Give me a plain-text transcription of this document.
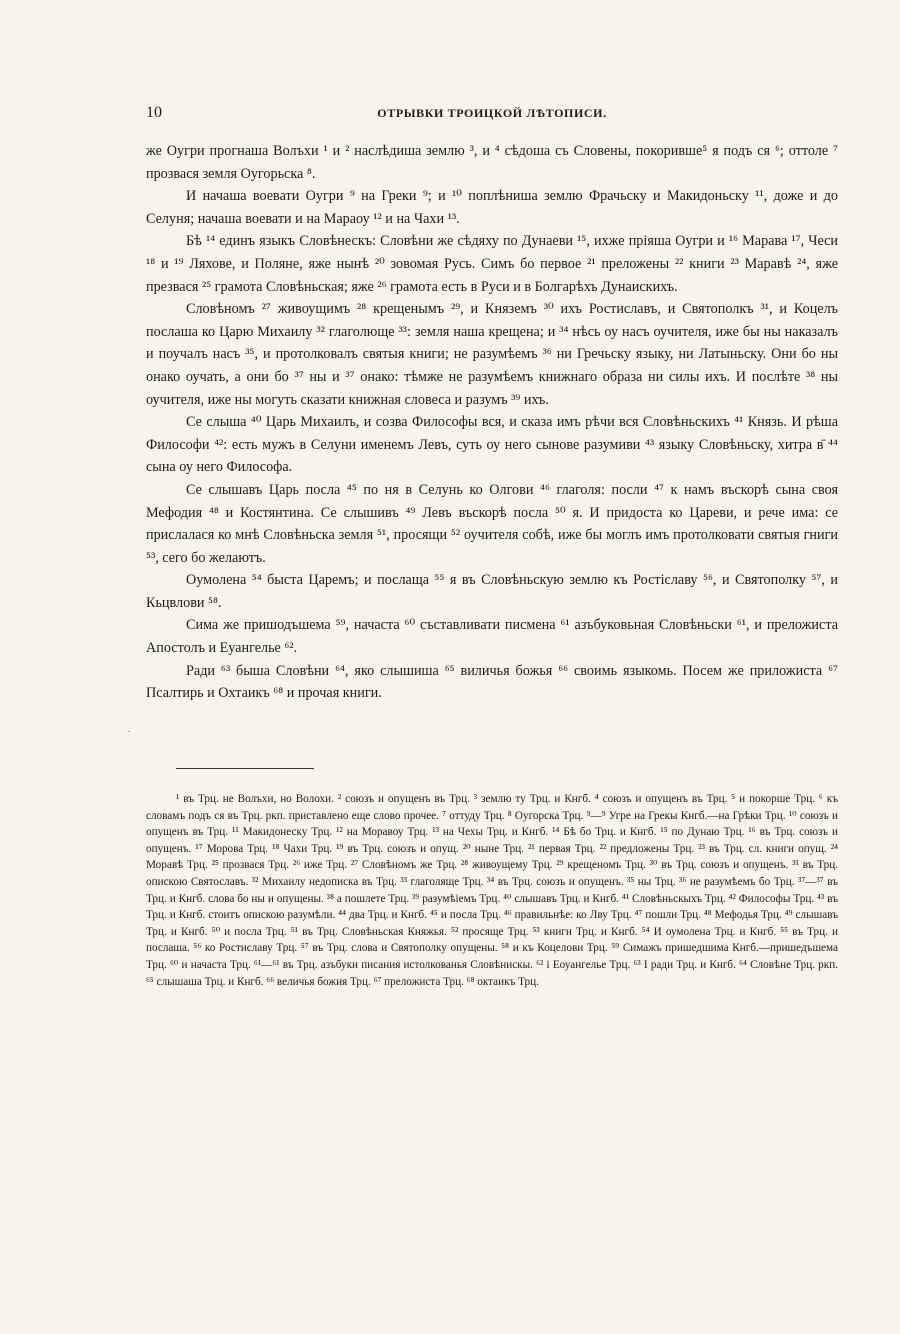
10	ОТРЫВКИ ТРОИЦКОЙ ЛѢТОПИСИ.

же Оугри прогнаша Волъхи ¹ и ² наслѣдиша землю ³, и ⁴ сѣдоша съ Словены, покоривше⁵ я подъ ся ⁶; оттоле ⁷ прозвася земля Оугорьска ⁸.

И начаша воевати Оугри ⁹ на Греки ⁹; и ¹⁰ поплѣниша землю Фрачьску и Макидоньску ¹¹, доже и до Селуня; начаша воевати и на Мараоу ¹² и на Чахи ¹³.

Бѣ ¹⁴ единъ языкъ Словѣнескъ: Словѣни же сѣдяху по Дунаеви ¹⁵, ихже пріяша Оугри и ¹⁶ Марава ¹⁷, Чеси ¹⁸ и ¹⁹ Ляхове, и Поляне, яже нынѣ ²⁰ зовомая Русь. Симъ бо первое ²¹ преложены ²² книги ²³ Маравѣ ²⁴, яже презвася ²⁵ грамота Словѣньская; яже ²⁶ грамота есть в Руси и в Болгарѣхъ Дунаискихъ.

Словѣномъ ²⁷ живоущимъ ²⁸ крещенымъ ²⁹, и Княземъ ³⁰ ихъ Ростиславъ, и Святополкъ ³¹, и Коцелъ послаша ко Царю Михаилу ³² глаголюще ³³: земля наша крещена; и ³⁴ нѣсь оу насъ оучителя, иже бы ны наказалъ и поучалъ насъ ³⁵, и протолковалъ святыя книги; не разумѣемъ ³⁶ ни Гречьску языку, ни Латыньску. Они бо ны онако оучать, а они бо ³⁷ ны и ³⁷ онако: тѣмже не разумѣемъ книжнаго образа ни силы ихъ. И послѣте ³⁸ ны оучителя, иже ны могуть сказати книжная словеса и разумъ ³⁹ ихъ.

Се слыша ⁴⁰ Царь Михаилъ, и созва Философы вся, и сказа имъ рѣчи вся Словѣньскихъ ⁴¹ Князь. И рѣша Философи ⁴²: есть мужъ в Селуни именемъ Левъ, суть оу него сынове разумиви ⁴³ языку Словѣньску, хитра в̄ ⁴⁴ сына оу него Философа.

Се слышавъ Царь посла ⁴⁵ по ня в Селунь ко Олгови ⁴⁶ глаголя: посли ⁴⁷ к намъ въскорѣ сына своя Мефодия ⁴⁸ и Костянтина. Се слышивъ ⁴⁹ Левъ въскорѣ посла ⁵⁰ я. И придоста ко Цареви, и рече има: се прислалася ко мнѣ Словѣньска земля ⁵¹, просящи ⁵² оучителя собѣ, иже бы моглъ имъ протолковати святыя гниги ⁵³, сего бо желаютъ.

Оумолена ⁵⁴ быста Царемъ; и послаща ⁵⁵ я въ Словѣньскую землю къ Ростіславу ⁵⁶, и Святополку ⁵⁷, и Кьцвлови ⁵⁸.

Сима же пришодъшема ⁵⁹, начаста ⁶⁰ съставливати писмена ⁶¹ азъбуковьная Словѣньски ⁶¹, и преложиста Апостолъ и Еуангелье ⁶².

Ради ⁶³ быша Словѣни ⁶⁴, яко слышиша ⁶⁵ виличья божья ⁶⁶ своимь языкомь. Посем же приложиста ⁶⁷ Псалтирь и Охтаикъ ⁶⁸ и прочая книги.

·

¹ въ Трц. не Волъхи, но Волохи. ² союзъ и опущенъ въ Трц. ³ землю ту Трц. и Кнгб. ⁴ союзъ и опущенъ въ Трц. ⁵ и покорше Трц. ⁶ къ словамъ подъ ся въ Трц. ркп. приставлено еще слово прочее. ⁷ оттуду Трц. ⁸ Оугорска Трц. ⁹—⁹ Угре на Грекы Кнгб.—на Грѣки Трц. ¹⁰ союзъ и опущенъ въ Трц. ¹¹ Макидонеску Трц. ¹² на Моравоу Трц. ¹³ на Чехы Трц. и Кнгб. ¹⁴ Бѣ бо Трц. и Кнгб. ¹⁵ по Дунаю Трц. ¹⁶ въ Трц. союзъ и опущенъ. ¹⁷ Морова Трц. ¹⁸ Чахи Трц. ¹⁹ въ Трц. союзъ и опущ. ²⁰ ныне Трц. ²¹ первая Трц. ²² предложены Трц. ²³ въ Трц. сл. книги опущ. ²⁴ Моравѣ Трц. ²⁵ прозвася Трц. ²⁶ иже Трц. ²⁷ Словѣномъ же Трц. ²⁸ живоущему Трц. ²⁹ крещеномъ Трц. ³⁰ въ Трц. союзъ и опущенъ. ³¹ въ Трц. опискою Святославъ. ³² Михаилу недописка въ Трц. ³³ глаголяще Трц. ³⁴ въ Трц. союзъ и опущенъ. ³⁵ ны Трц. ³⁶ не разумѣемъ бо Трц. ³⁷—³⁷ въ Трц. и Кнгб. слова бо ны и опущены. ³⁸ а пошлете Трц. ³⁹ разумѣіемъ Трц. ⁴⁰ слышавъ Трц. и Кнгб. ⁴¹ Словѣньскыхъ Трц. ⁴² Философы Трц. ⁴³ въ Трц. и Кнгб. стоитъ опискою разумѣли. ⁴⁴ два Трц. и Кнгб. ⁴⁵ и посла Трц. ⁴⁶ правильнѣе: ко Лву Трц. ⁴⁷ пошли Трц. ⁴⁸ Мефодья Трц. ⁴⁹ слышавъ Трц. и Кнгб. ⁵⁰ и посла Трц. ⁵¹ въ Трц. Словѣньская Княжья. ⁵² просяще Трц. ⁵³ книги Трц. и Кнгб. ⁵⁴ И оумолена Трц. и Кнгб. ⁵⁵ въ Трц. и послаша. ⁵⁶ ко Ростиславу Трц. ⁵⁷ въ Трц. слова и Святополку опущены. ⁵⁸ и къ Коцелови Трц. ⁵⁹ Симажъ пришедшима Кнгб.—пришедъшема Трц. ⁶⁰ и начаста Трц. ⁶¹—⁶¹ въ Трц. азъбуки писания истолкованья Словѣнискы. ⁶² і Еоуангелье Трц. ⁶³ І ради Трц. и Кнгб. ⁶⁴ Словѣне Трц. ркп. ⁶⁵ слышаша Трц. и Кнгб. ⁶⁶ величья божия Трц. ⁶⁷ преложиста Трц. ⁶⁸ октаикъ Трц.
